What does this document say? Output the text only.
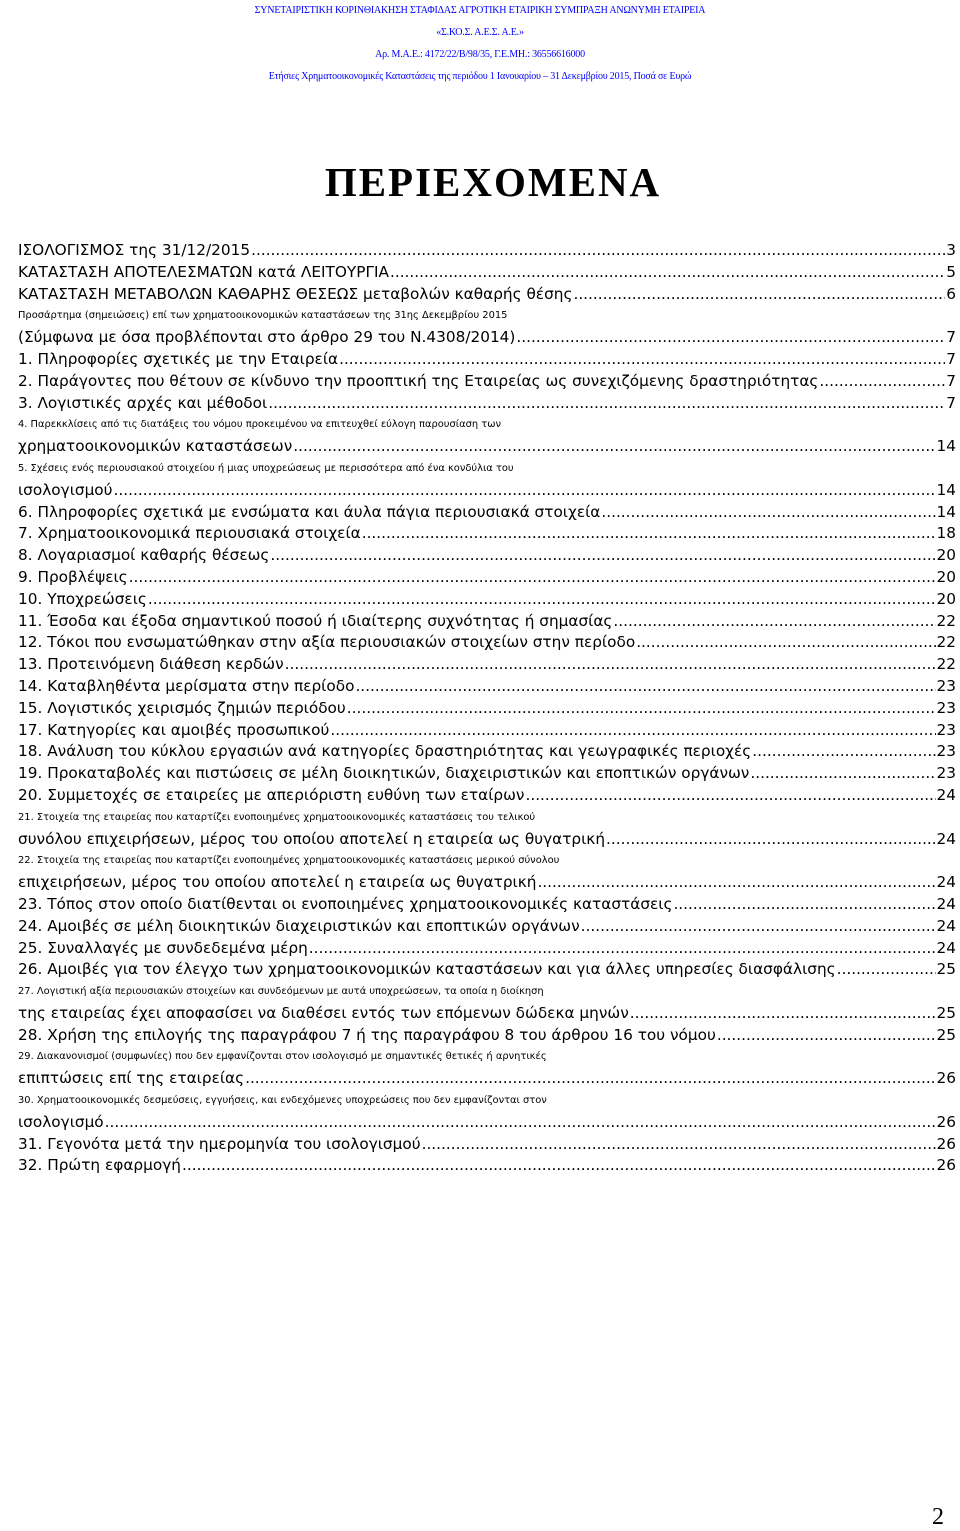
ΣΥΝΕΤΑΙΡΙΣΤΙΚΗ ΚΟΡΙΝΘΙΑΚΗΣΗ ΣΤΑΦΙΔΑΣ ΑΓΡΟΤΙΚΗ ΕΤΑΙΡΙΚΗ ΣΥΜΠΡΑΞΗ ΑΝΩΝΥΜΗ ΕΤΑΙΡΕΙΑ
«Σ.ΚΟ.Σ. Α.Ε.Σ. Α.Ε.»
Αρ. Μ.Α.Ε.: 4172/22/Β/98/35, Γ.Ε.ΜΗ.: 36556616000
Ετήσιες Χρηματοοικονομικές Καταστάσεις της περιόδου 1 Ιανουαρίου – 31 Δεκεμβρίου 2015, Ποσά σε Ευρώ
ΠΕΡΙΕΧΟΜΕΝΑ
ΙΣΟΛΟΓΙΣΜΟΣ της 31/12/2015 .....	3
ΚΑΤΑΣΤΑΣΗ ΑΠΟΤΕΛΕΣΜΑΤΩΝ κατά ΛΕΙΤΟΥΡΓΙΑ .....	5
ΚΑΤΑΣΤΑΣΗ ΜΕΤΑΒΟΛΩΝ ΚΑΘΑΡΗΣ ΘΕΣΕΩΣ μεταβολών καθαρής θέσης .....	6
Προσάρτημα (σημειώσεις) επί των χρηματοοικονομικών καταστάσεων της 31ης Δεκεμβρίου 2015
(Σύμφωνα με όσα προβλέπονται στο άρθρο 29 του Ν.4308/2014) .....	7
1. Πληροφορίες σχετικές με την Εταιρεία .....	7
2. Παράγοντες που θέτουν σε κίνδυνο την προοπτική της Εταιρείας ως συνεχιζόμενης δραστηριότητας .....	7
3. Λογιστικές αρχές και μέθοδοι .....	7
4. Παρεκκλίσεις από τις διατάξεις του νόμου προκειμένου να επιτευχθεί εύλογη παρουσίαση των
χρηματοοικονομικών καταστάσεων .....	14
5. Σχέσεις ενός περιουσιακού στοιχείου ή μιας υποχρεώσεως με περισσότερα από ένα κονδύλια του
ισολογισμού .....	14
6. Πληροφορίες σχετικά με ενσώματα και άυλα πάγια περιουσιακά στοιχεία .....	14
7. Χρηματοοικονομικά περιουσιακά στοιχεία .....	18
8. Λογαριασμοί καθαρής θέσεως .....	20
9. Προβλέψεις .....	20
10. Υποχρεώσεις .....	20
11. Έσοδα και έξοδα σημαντικού ποσού ή ιδιαίτερης συχνότητας ή σημασίας .....	22
12. Τόκοι που ενσωματώθηκαν στην αξία περιουσιακών στοιχείων στην περίοδο .....	22
13. Προτεινόμενη διάθεση κερδών .....	22
14. Καταβληθέντα μερίσματα στην περίοδο .....	23
15. Λογιστικός χειρισμός ζημιών περιόδου .....	23
17. Κατηγορίες και αμοιβές προσωπικού .....	23
18. Ανάλυση του κύκλου εργασιών ανά κατηγορίες δραστηριότητας και γεωγραφικές περιοχές .....	23
19. Προκαταβολές και πιστώσεις σε μέλη διοικητικών, διαχειριστικών και εποπτικών οργάνων .....	23
20. Συμμετοχές σε εταιρείες με απεριόριστη ευθύνη των εταίρων .....	24
21. Στοιχεία της εταιρείας που καταρτίζει ενοποιημένες χρηματοοικονομικές καταστάσεις του τελικού
συνόλου επιχειρήσεων, μέρος του οποίου αποτελεί η εταιρεία ως θυγατρική .....	24
22. Στοιχεία της εταιρείας που καταρτίζει ενοποιημένες χρηματοοικονομικές καταστάσεις μερικού σύνολου
επιχειρήσεων, μέρος του οποίου αποτελεί η εταιρεία ως θυγατρική .....	24
23. Τόπος στον οποίο διατίθενται οι ενοποιημένες χρηματοοικονομικές καταστάσεις .....	24
24. Αμοιβές σε μέλη διοικητικών διαχειριστικών και εποπτικών οργάνων .....	24
25. Συναλλαγές με συνδεδεμένα μέρη .....	24
26. Αμοιβές για τον έλεγχο των χρηματοοικονομικών καταστάσεων και για άλλες υπηρεσίες διασφάλισης .....	25
27. Λογιστική αξία περιουσιακών στοιχείων και συνδεόμενων με αυτά υποχρεώσεων, τα οποία η διοίκηση
της εταιρείας έχει αποφασίσει να διαθέσει εντός των επόμενων δώδεκα μηνών .....	25
28. Χρήση της επιλογής της παραγράφου 7 ή της παραγράφου 8 του άρθρου 16 του νόμου .....	25
29. Διακανονισμοί (συμφωνίες) που δεν εμφανίζονται στον ισολογισμό με σημαντικές θετικές ή αρνητικές
επιπτώσεις επί της εταιρείας .....	26
30. Χρηματοοικονομικές δεσμεύσεις, εγγυήσεις, και ενδεχόμενες υποχρεώσεις που δεν εμφανίζονται στον
ισολογισμό .....	26
31. Γεγονότα μετά την ημερομηνία του ισολογισμού .....	26
32. Πρώτη εφαρμογή .....	26
2
